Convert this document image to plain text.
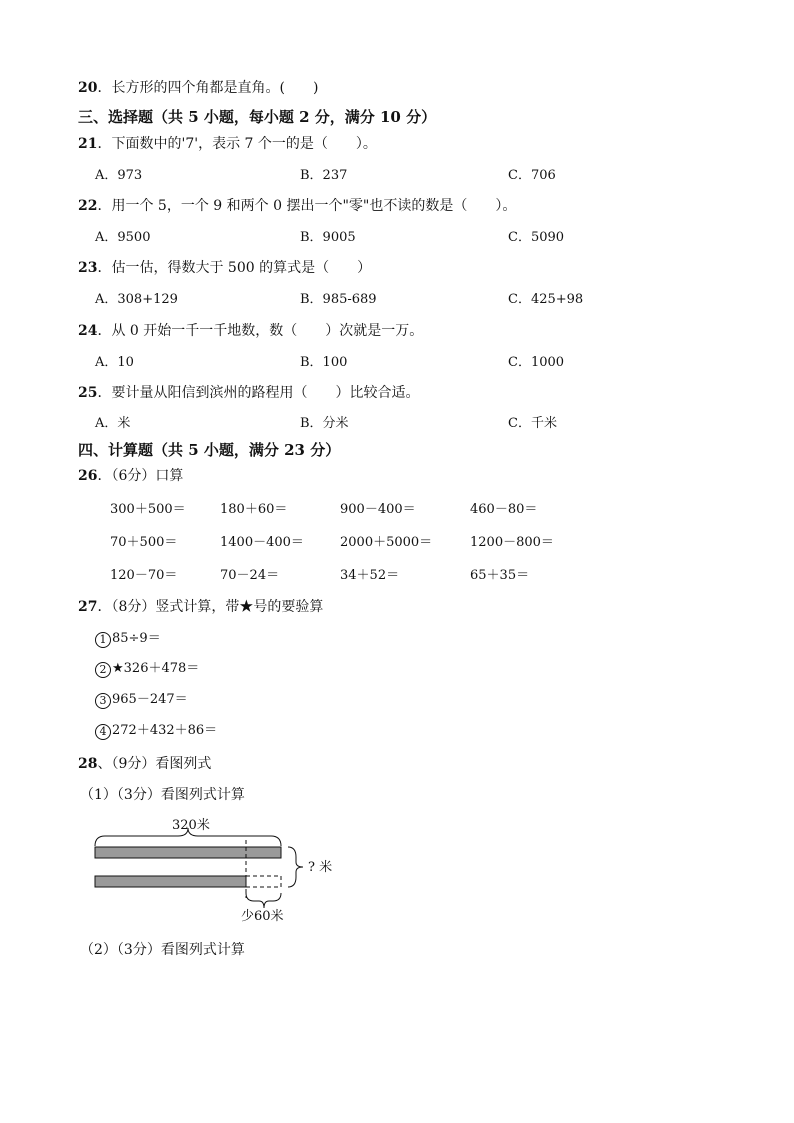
20．长方形的四个角都是直角。(　　)
三、选择题（共 5 小题，每小题 2 分，满分 10 分）
21．下面数中的'7'，表示 7 个一的是（　　）。
A．973	B．237	C．706
22．用一个 5，一个 9 和两个 0 摆出一个"零"也不读的数是（　　）。
A．9500	B．9005	C．5090
23．估一估，得数大于 500 的算式是（　　）
A．308+129	B．985-689	C．425+98
24．从 0 开始一千一千地数，数（　　）次就是一万。
A．10	B．100	C．1000
25．要计量从阳信到滨州的路程用（　　）比较合适。
A．米	B．分米	C．千米
四、计算题（共 5 小题，满分 23 分）
26．（6分）口算
300＋500＝	180＋60＝	900－400＝	460－80＝
70＋500＝	1400－400＝	2000＋5000＝	1200－800＝
120－70＝	70－24＝	34＋52＝	65＋35＝
27．（8分）竖式计算，带★号的要验算
1 85÷9＝
2 ★326＋478＝
3 965－247＝
4 272＋432＋86＝
28、（9分）看图列式
（1）（3分）看图列式计算
320米
? 米
少60米
（2）（3分）看图列式计算
